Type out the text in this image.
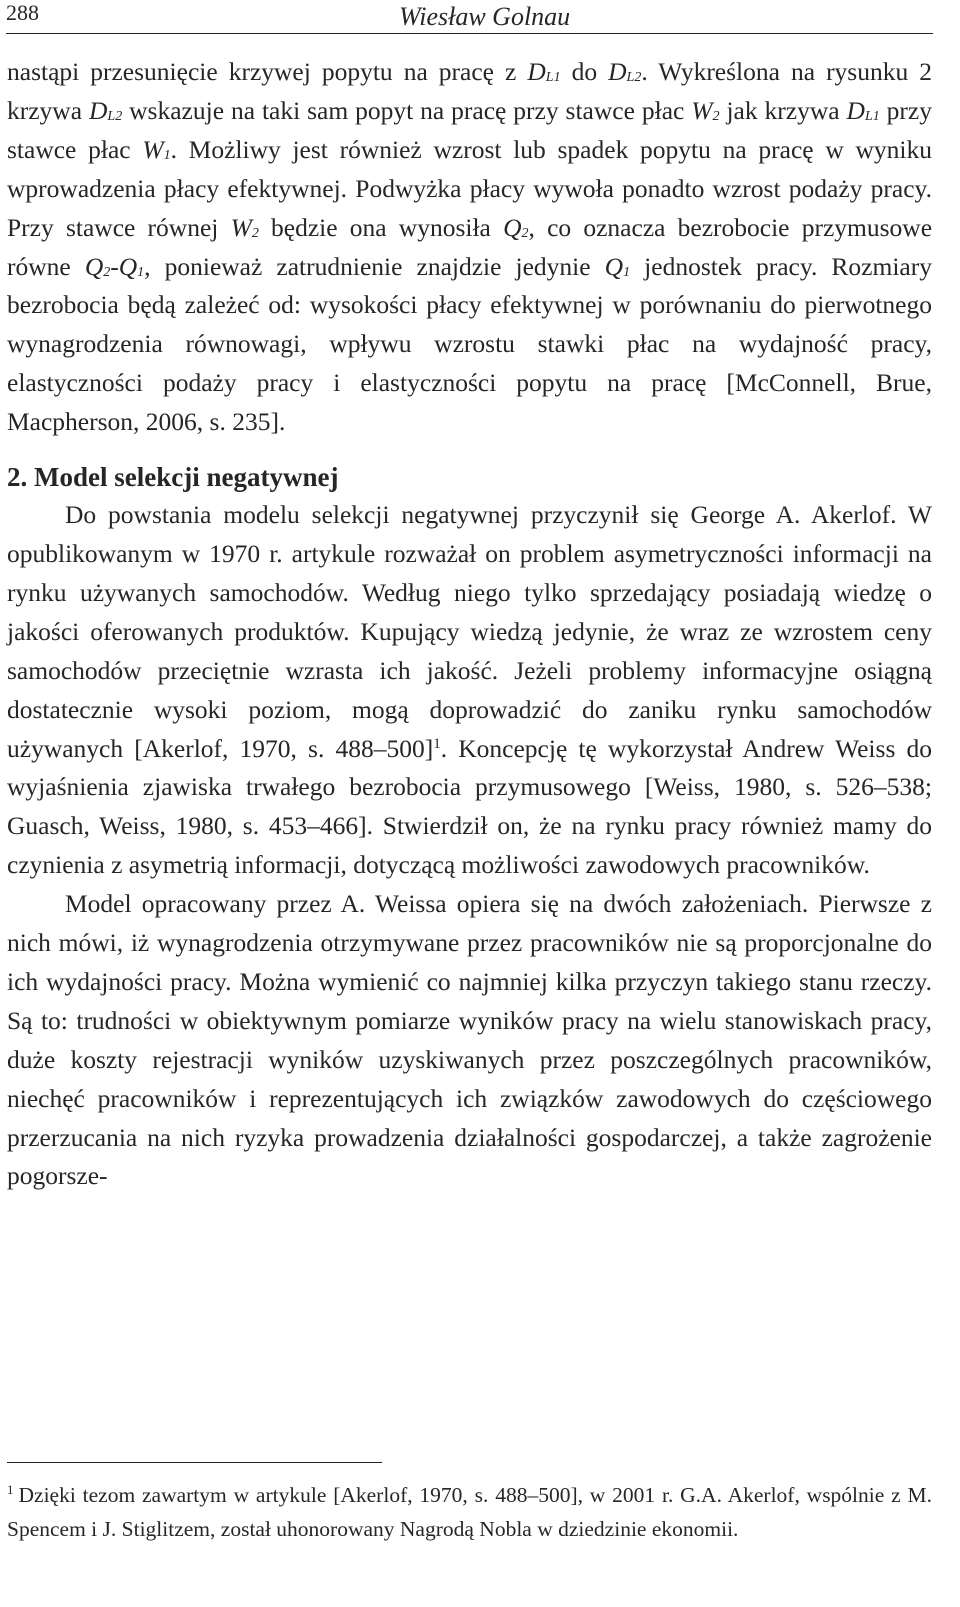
288	Wiesław Golnau

nastąpi przesunięcie krzywej popytu na pracę z $D_{L1}$ do $D_{L2}$. Wykreślona na rysunku 2 krzywa $D_{L2}$ wskazuje na taki sam popyt na pracę przy stawce płac $W_2$ jak krzywa $D_{L1}$ przy stawce płac $W_1$. Możliwy jest również wzrost lub spadek popytu na pracę w wyniku wprowadzenia płacy efektywnej. Podwyżka płacy wywoła ponadto wzrost podaży pracy. Przy stawce równej $W_2$ będzie ona wynosiła $Q_2$, co oznacza bezrobocie przymusowe równe $Q_2-Q_1$, ponieważ zatrudnienie znajdzie jedynie $Q_1$ jednostek pracy. Rozmiary bezrobocia będą zależeć od: wysokości płacy efektywnej w porównaniu do pierwotnego wynagrodzenia równowagi, wpływu wzrostu stawki płac na wydajność pracy, elastyczności podaży pracy i elastyczności popytu na pracę [McConnell, Brue, Macpherson, 2006, s. 235].

2. Model selekcji negatywnej

Do powstania modelu selekcji negatywnej przyczynił się George A. Akerlof. W opublikowanym w 1970 r. artykule rozważał on problem asymetryczności informacji na rynku używanych samochodów. Według niego tylko sprzedający posiadają wiedzę o jakości oferowanych produktów. Kupujący wiedzą jedynie, że wraz ze wzrostem ceny samochodów przeciętnie wzrasta ich jakość. Jeżeli problemy informacyjne osiągną dostatecznie wysoki poziom, mogą doprowadzić do zaniku rynku samochodów używanych [Akerlof, 1970, s. 488–500]$^1$. Koncepcję tę wykorzystał Andrew Weiss do wyjaśnienia zjawiska trwałego bezrobocia przymusowego [Weiss, 1980, s. 526–538; Guasch, Weiss, 1980, s. 453–466]. Stwierdził on, że na rynku pracy również mamy do czynienia z asymetrią informacji, dotyczącą możliwości zawodowych pracowników.

Model opracowany przez A. Weissa opiera się na dwóch założeniach. Pierwsze z nich mówi, iż wynagrodzenia otrzymywane przez pracowników nie są proporcjonalne do ich wydajności pracy. Można wymienić co najmniej kilka przyczyn takiego stanu rzeczy. Są to: trudności w obiektywnym pomiarze wyników pracy na wielu stanowiskach pracy, duże koszty rejestracji wyników uzyskiwanych przez poszczególnych pracowników, niechęć pracowników i reprezentujących ich związków zawodowych do częściowego przerzucania na nich ryzyka prowadzenia działalności gospodarczej, a także zagrożenie pogorsze-

$^1$ Dzięki tezom zawartym w artykule [Akerlof, 1970, s. 488–500], w 2001 r. G.A. Akerlof, wspólnie z M. Spencem i J. Stiglitzem, został uhonorowany Nagrodą Nobla w dziedzinie ekonomii.
